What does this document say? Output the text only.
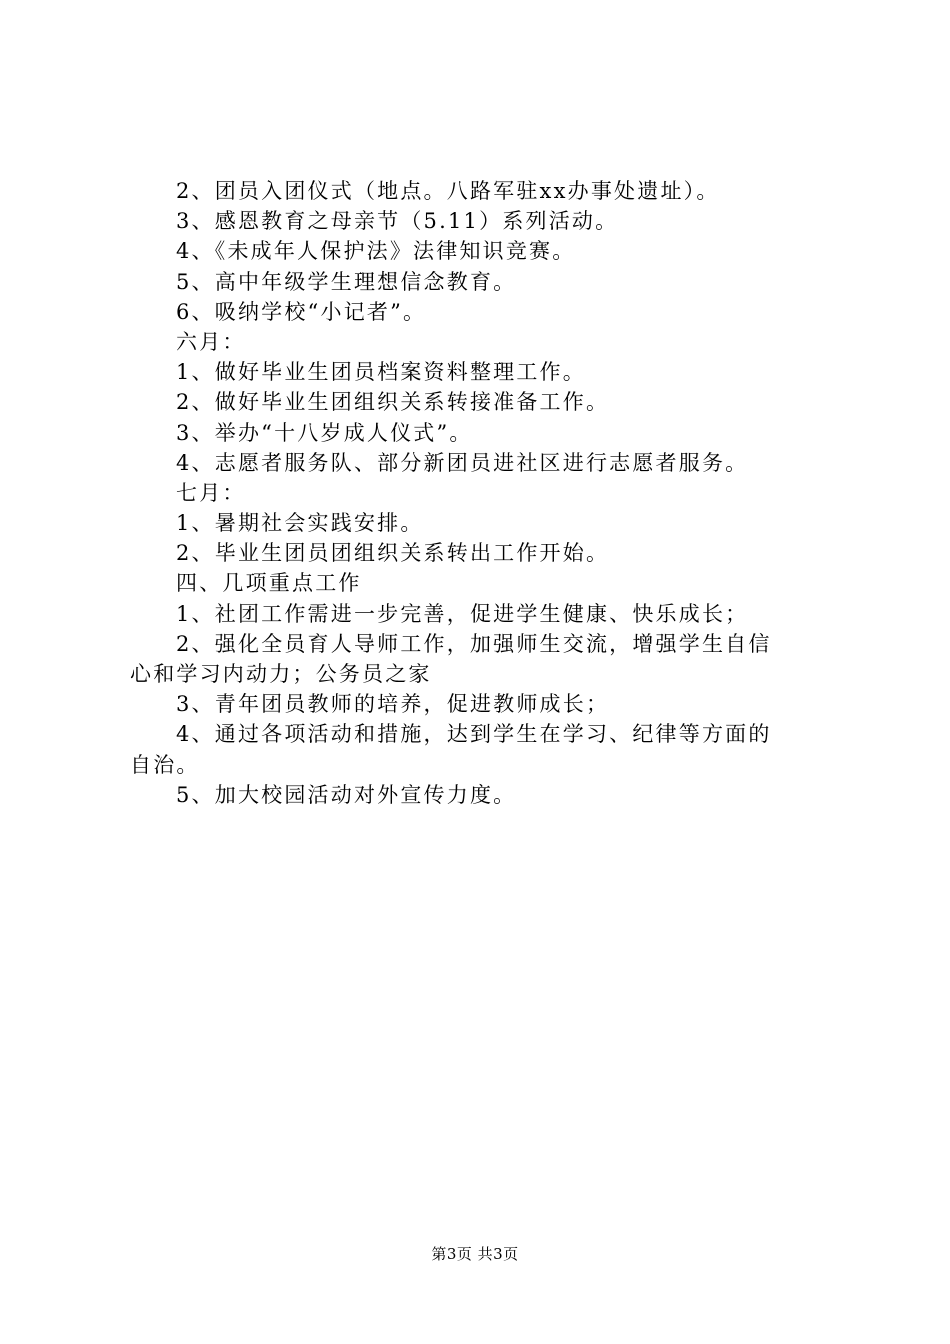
2、团员入团仪式（地点。八路军驻xx办事处遗址）。
3、感恩教育之母亲节（5.11）系列活动。
4、《未成年人保护法》法律知识竞赛。
5、高中年级学生理想信念教育。
6、吸纳学校“小记者”。
六月：
1、做好毕业生团员档案资料整理工作。
2、做好毕业生团组织关系转接准备工作。
3、举办“十八岁成人仪式”。
4、志愿者服务队、部分新团员进社区进行志愿者服务。
七月：
1、暑期社会实践安排。
2、毕业生团员团组织关系转出工作开始。
四、几项重点工作
1、社团工作需进一步完善，促进学生健康、快乐成长；
2、强化全员育人导师工作，加强师生交流，增强学生自信
心和学习内动力；公务员之家
3、青年团员教师的培养，促进教师成长；
4、通过各项活动和措施，达到学生在学习、纪律等方面的
自治。
5、加大校园活动对外宣传力度。
第3页 共3页
